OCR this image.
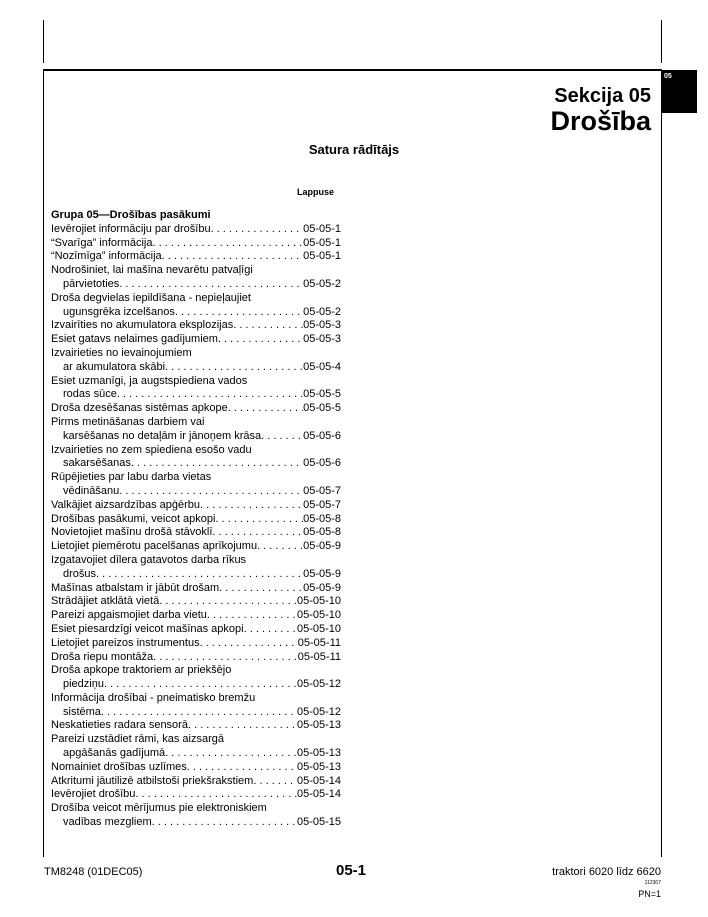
05
Sekcija 05
Drošība
Satura rādītājs
Lappuse
Grupa 05—Drošības pasākumi
Ievērojiet informāciju par drošību . . .	05-05-1
“Svarīga” informācija . . .	05-05-1
“Nozīmīga” informācija . . .	05-05-1
Nodrošiniet, lai mašīna nevarētu patvaļīgi
pārvietoties . . .	05-05-2
Droša degvielas iepildīšana - nepieļaujiet
ugunsgrēka izcelšanos . . .	05-05-2
Izvairīties no akumulatora eksplozijas . . .	05-05-3
Esiet gatavs nelaimes gadījumiem . . .	05-05-3
Izvairieties no ievainojumiem
ar akumulatora skābi . . .	05-05-4
Esiet uzmanīgi, ja augstspiediena vados
rodas sūce . . .	05-05-5
Droša dzesēšanas sistēmas apkope . . .	05-05-5
Pirms metināšanas darbiem vai
karsēšanas no detaļām ir jānoņem krāsa . . .	05-05-6
Izvairieties no zem spiediena esošo vadu
sakarsēšanas . . .	05-05-6
Rūpējieties par labu darba vietas
vēdināšanu . . .	05-05-7
Valkājiet aizsardzības apģērbu . . .	05-05-7
Drošības pasākumi, veicot apkopi . . .	05-05-8
Novietojiet mašīnu drošā stāvoklī . . .	05-05-8
Lietojiet piemērotu pacelšanas aprīkojumu . . .	05-05-9
Izgatavojiet dīlera gatavotos darba rīkus
drošus . . .	05-05-9
Mašīnas atbalstam ir jābūt drošam . . .	05-05-9
Strādājiet atklātā vietā . . .	05-05-10
Pareizi apgaismojiet darba vietu . . .	05-05-10
Esiet piesardzīgi veicot mašīnas apkopi . . .	05-05-10
Lietojiet pareizos instrumentus . . .	05-05-11
Droša riepu montāža . . .	05-05-11
Droša apkope traktoriem ar priekšējo
piedziņu . . .	05-05-12
Informācija drošībai - pneimatisko bremžu
sistēma . . .	05-05-12
Neskatieties radara sensorā . . .	05-05-13
Pareizi uzstādiet rāmi, kas aizsargā
apgāšanās gadījumā . . .	05-05-13
Nomainiet drošības uzlīmes . . .	05-05-13
Atkritumi jāutilizē atbilstoši priekšrakstiem . . .	05-05-14
Ievērojiet drošību . . .	05-05-14
Drošība veicot mērījumus pie elektroniskiem
vadības mezgliem . . .	05-05-15
TM8248 (01DEC05)	05-1	traktori 6020 līdz 6620
112307
PN=1
